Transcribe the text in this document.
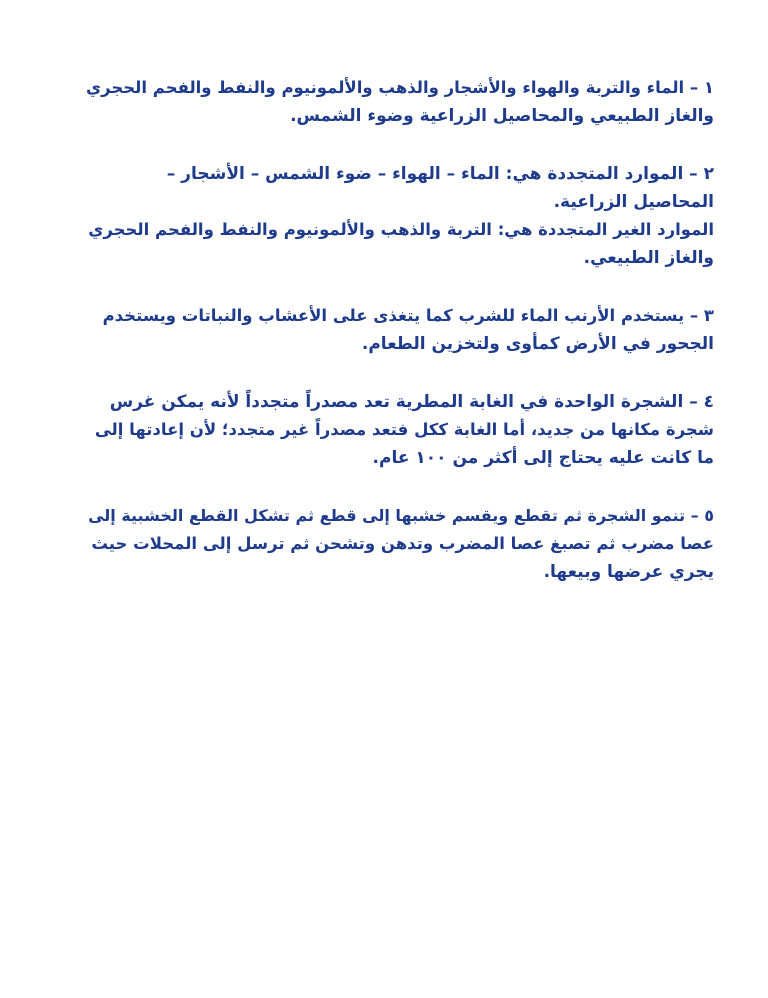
١ – الماء والتربة والهواء والأشجار والذهب والألمونيوم والنفط والفحم الحجري
والغاز الطبيعي والمحاصيل الزراعية وضوء الشمس.

٢ – الموارد المتجددة هي: الماء – الهواء – ضوء الشمس – الأشجار –
المحاصيل الزراعية.
الموارد الغير المتجددة هي: التربة والذهب والألمونيوم والنفط والفحم الحجري
والغاز الطبيعي.

٣ – يستخدم الأرنب الماء للشرب كما يتغذى على الأعشاب والنباتات ويستخدم
الجحور في الأرض كمأوى ولتخزين الطعام.

٤ – الشجرة الواحدة في الغابة المطرية تعد مصدراً متجدداً لأنه يمكن غرس
شجرة مكانها من جديد، أما الغابة ككل فتعد مصدراً غير متجدد؛ لأن إعادتها إلى
ما كانت عليه يحتاج إلى أكثر من ١٠٠ عام.

٥ – تنمو الشجرة ثم تقطع ويقسم خشبها إلى قطع ثم تشكل القطع الخشبية إلى
عصا مضرب ثم تصبغ عصا المضرب وتدهن وتشحن ثم ترسل إلى المحلات حيث
يجري عرضها وبيعها.
